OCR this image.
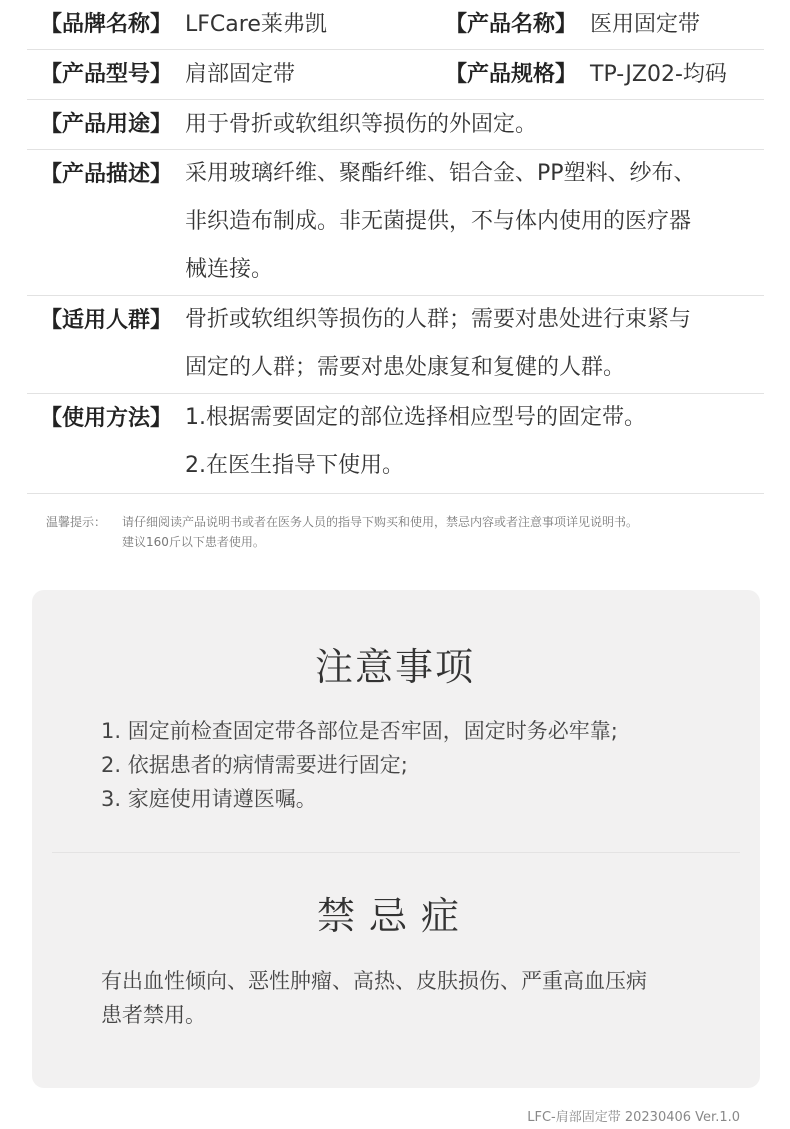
【品牌名称】 LFCare莱弗凯	【产品名称】 医用固定带
【产品型号】 肩部固定带	【产品规格】 TP-JZ02-均码
【产品用途】 用于骨折或软组织等损伤的外固定。
【产品描述】 采用玻璃纤维、聚酯纤维、铝合金、PP塑料、纱布、
非织造布制成。非无菌提供，不与体内使用的医疗器
械连接。
【适用人群】 骨折或软组织等损伤的人群；需要对患处进行束紧与
固定的人群；需要对患处康复和复健的人群。
【使用方法】 1.根据需要固定的部位选择相应型号的固定带。
2.在医生指导下使用。
温馨提示： 请仔细阅读产品说明书或者在医务人员的指导下购买和使用，禁忌内容或者注意事项详见说明书。
建议160斤以下患者使用。
注意事项
1. 固定前检查固定带各部位是否牢固，固定时务必牢靠;
2. 依据患者的病情需要进行固定;
3. 家庭使用请遵医嘱。
禁忌症
有出血性倾向、恶性肿瘤、高热、皮肤损伤、严重高血压病
患者禁用。
LFC-肩部固定带 20230406 Ver.1.0
